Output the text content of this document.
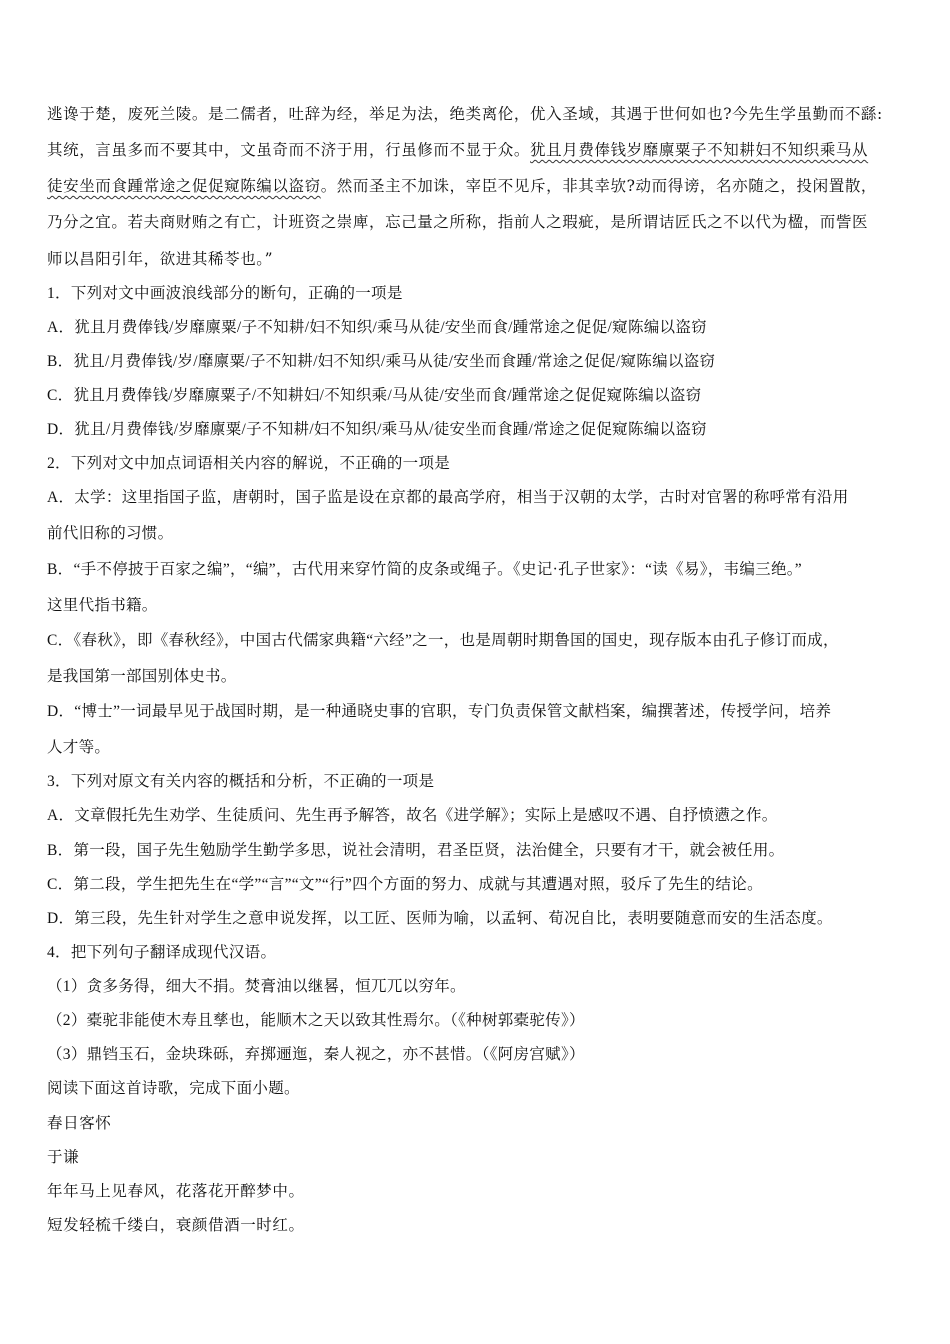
逃谗于楚，废死兰陵。是二儒者，吐辞为经，举足为法，绝类离伦，优入圣域，其遇于世何如也?今先生学虽勤而不繇:
其统，言虽多而不要其中，文虽奇而不济于用，行虽修而不显于众。犹且月费俸钱岁靡廪粟子不知耕妇不知织乘马从
徒安坐而食踵常途之促促窥陈编以盗窃。然而圣主不加诛，宰臣不见斥，非其幸欤?动而得谤，名亦随之，投闲置散，
乃分之宜。若夫商财贿之有亡，计班资之崇庳，忘己量之所称，指前人之瑕疵，是所谓诘匠氏之不以代为楹，而訾医
师以昌阳引年，欲进其稀苓也。”
1．下列对文中画波浪线部分的断句，正确的一项是
A．犹且月费俸钱/岁靡廪粟/子不知耕/妇不知织/乘马从徒/安坐而食/踵常途之促促/窥陈编以盗窃
B．犹且/月费俸钱/岁/靡廪粟/子不知耕/妇不知织/乘马从徒/安坐而食踵/常途之促促/窥陈编以盗窃
C．犹且月费俸钱/岁靡廪粟子/不知耕妇/不知织乘/马从徒/安坐而食/踵常途之促促窥陈编以盗窃
D．犹且/月费俸钱/岁靡廪粟/子不知耕/妇不知织/乘马从/徒安坐而食踵/常途之促促窥陈编以盗窃
2．下列对文中加点词语相关内容的解说，不正确的一项是
A．太学：这里指国子监，唐朝时，国子监是设在京都的最高学府，相当于汉朝的太学，古时对官署的称呼常有沿用
前代旧称的习惯。
B．“手不停披于百家之编”，“编”，古代用来穿竹简的皮条或绳子。《史记·孔子世家》：“读《易》，韦编三绝。”
这里代指书籍。
C．《春秋》，即《春秋经》，中国古代儒家典籍“六经”之一，也是周朝时期鲁国的国史，现存版本由孔子修订而成，
是我国第一部国别体史书。
D．“博士”一词最早见于战国时期，是一种通晓史事的官职，专门负责保管文献档案，编撰著述，传授学问，培养
人才等。
3．下列对原文有关内容的概括和分析，不正确的一项是
A．文章假托先生劝学、生徒质问、先生再予解答，故名《进学解》；实际上是感叹不遇、自抒愤懑之作。
B．第一段，国子先生勉励学生勤学多思，说社会清明，君圣臣贤，法治健全，只要有才干，就会被任用。
C．第二段，学生把先生在“学”“言”“文”“行”四个方面的努力、成就与其遭遇对照，驳斥了先生的结论。
D．第三段，先生针对学生之意申说发挥，以工匠、医师为喻，以孟轲、荀况自比，表明要随意而安的生活态度。
4．把下列句子翻译成现代汉语。
（1）贪多务得，细大不捐。焚膏油以继晷，恒兀兀以穷年。
（2）橐驼非能使木寿且孳也，能顺木之天以致其性焉尔。（《种树郭橐驼传》）
（3）鼎铛玉石，金块珠砾，弃掷逦迤，秦人视之，亦不甚惜。（《阿房宫赋》）
阅读下面这首诗歌，完成下面小题。
春日客怀
于谦
年年马上见春风，花落花开醉梦中。
短发轻梳千缕白，衰颜借酒一时红。
